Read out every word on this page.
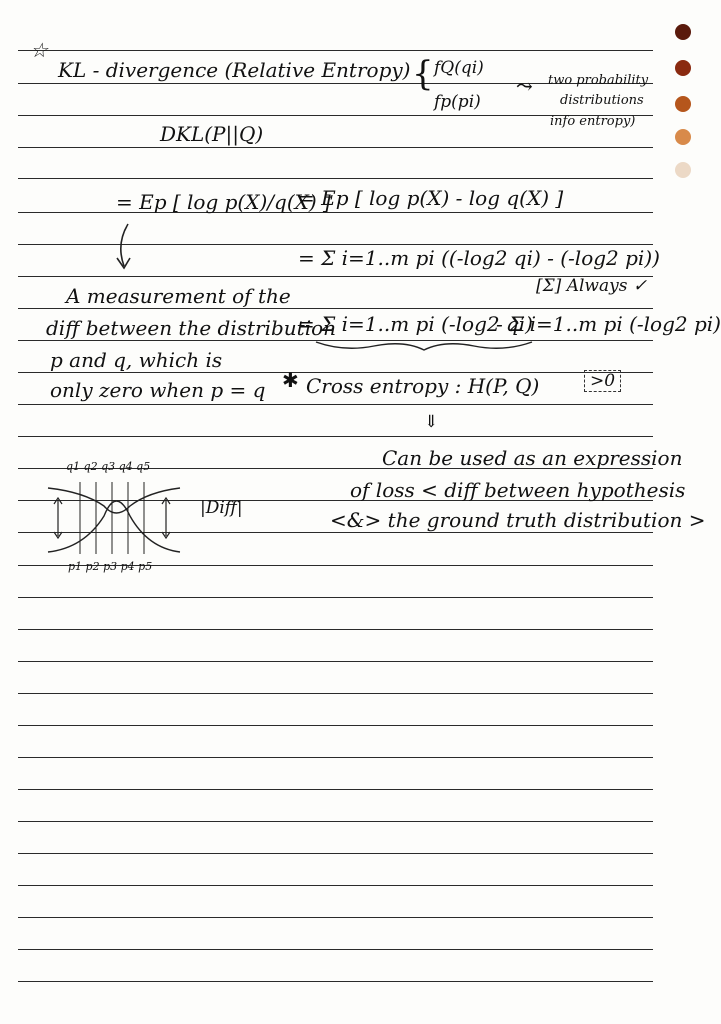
☆
KL - divergence (Relative Entropy) { fQ(qi)
fp(pi)
⤳ two probability
distributions
info entropy)
DKL(P||Q)
= Ep [ log p(X)/q(X) ]
= Ep [ log p(X) - log q(X) ]
= Σ i=1..m pi ((-log2 qi) - (-log2 pi))
[Σ] Always ✓
A measurement of the
diff between the distribution
p and q, which is
only zero when p = q
= Σ i=1..m pi (-log2 qi)
- Σ i=1..m pi (-log2 pi)
>0
✱ Cross entropy : H(P, Q)
⇓
Can be used as an expression
of loss < diff between hypothesis
<&> the ground truth distribution >
q1 q2 q3 q4 q5
p1 p2 p3 p4 p5
|Diff|
